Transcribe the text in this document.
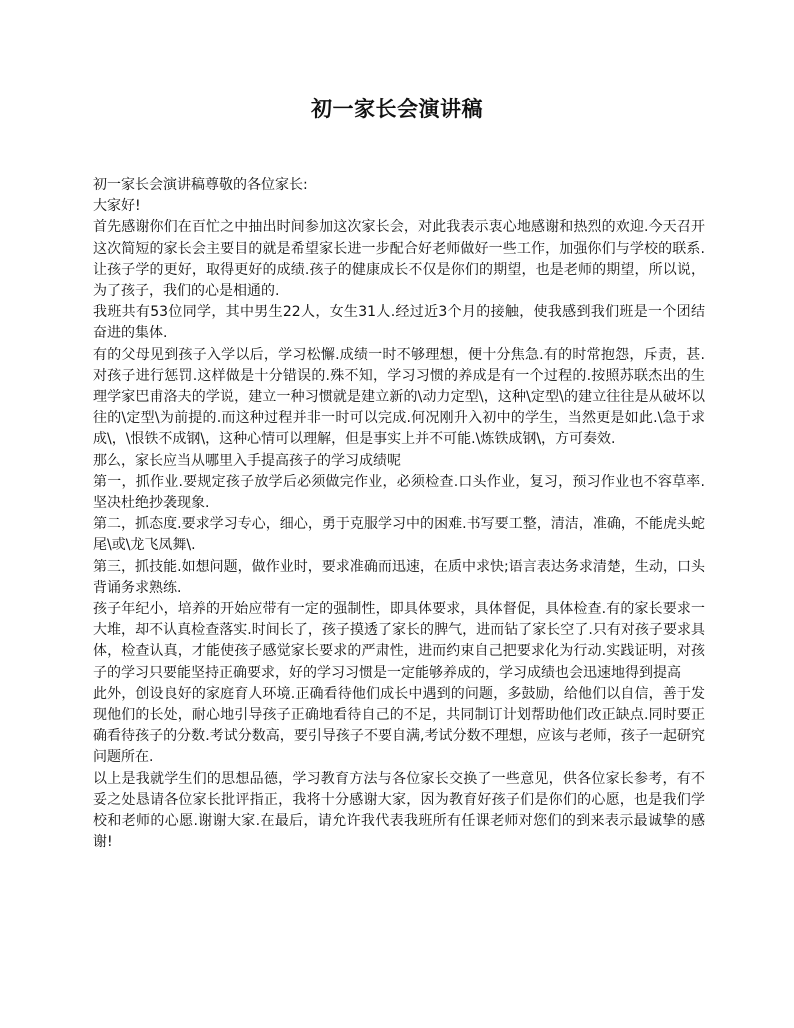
初一家长会演讲稿

初一家长会演讲稿尊敬的各位家长:

大家好!

首先感谢你们在百忙之中抽出时间参加这次家长会，对此我表示衷心地感谢和热烈的欢迎.今天召开这次简短的家长会主要目的就是希望家长进一步配合好老师做好一些工作，加强你们与学校的联系.让孩子学的更好，取得更好的成绩.孩子的健康成长不仅是你们的期望，也是老师的期望，所以说，为了孩子，我们的心是相通的.

我班共有53位同学，其中男生22人，女生31人.经过近3个月的接触，使我感到我们班是一个团结奋进的集体.

有的父母见到孩子入学以后，学习松懈.成绩一时不够理想，便十分焦急.有的时常抱怨，斥责，甚.对孩子进行惩罚.这样做是十分错误的.殊不知，学习习惯的养成是有一个过程的.按照苏联杰出的生理学家巴甫洛夫的学说，建立一种习惯就是建立新的\动力定型\，这种\定型\的建立往往是从破坏以往的\定型\为前提的.而这种过程并非一时可以完成.何况刚升入初中的学生，当然更是如此.\急于求成\，\恨铁不成钢\，这种心情可以理解，但是事实上并不可能.\炼铁成钢\，方可奏效.

那么，家长应当从哪里入手提高孩子的学习成绩呢

第一，抓作业.要规定孩子放学后必须做完作业，必须检查.口头作业，复习，预习作业也不容草率.坚决杜绝抄袭现象.

第二，抓态度.要求学习专心，细心，勇于克服学习中的困难.书写要工整，清洁，准确，不能虎头蛇尾\或\龙飞凤舞\.

第三，抓技能.如想问题，做作业时，要求准确而迅速，在质中求快;语言表达务求清楚，生动，口头背诵务求熟练.

孩子年纪小，培养的开始应带有一定的强制性，即具体要求，具体督促，具体检查.有的家长要求一大堆，却不认真检查落实.时间长了，孩子摸透了家长的脾气，进而钻了家长空了.只有对孩子要求具体，检查认真，才能使孩子感觉家长要求的严肃性，进而约束自己把要求化为行动.实践证明，对孩子的学习只要能坚持正确要求，好的学习习惯是一定能够养成的，学习成绩也会迅速地得到提高

此外，创设良好的家庭育人环境.正确看待他们成长中遇到的问题，多鼓励，给他们以自信，善于发现他们的长处，耐心地引导孩子正确地看待自己的不足，共同制订计划帮助他们改正缺点.同时要正确看待孩子的分数.考试分数高，要引导孩子不要自满,考试分数不理想，应该与老师，孩子一起研究问题所在.

以上是我就学生们的思想品德，学习教育方法与各位家长交换了一些意见，供各位家长参考，有不妥之处恳请各位家长批评指正，我将十分感谢大家，因为教育好孩子们是你们的心愿，也是我们学校和老师的心愿.谢谢大家.在最后，请允许我代表我班所有任课老师对您们的到来表示最诚挚的感谢!
